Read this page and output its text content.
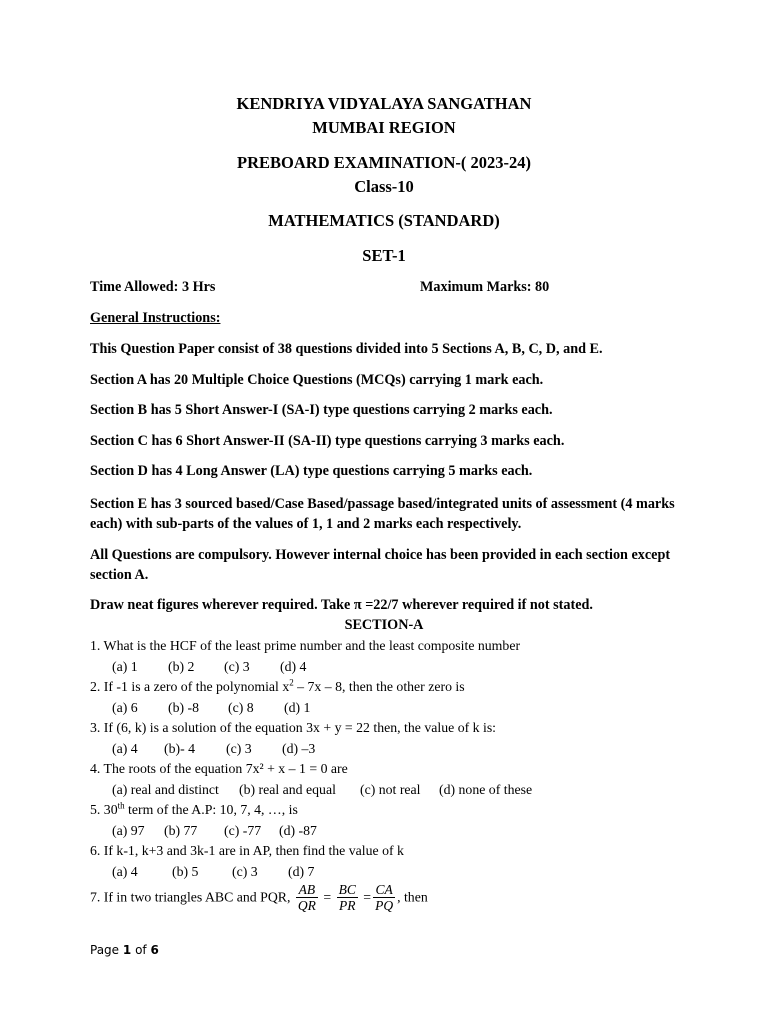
KENDRIYA VIDYALAYA SANGATHAN
MUMBAI REGION
PREBOARD EXAMINATION-( 2023-24)
Class-10
MATHEMATICS (STANDARD)
SET-1
Time Allowed: 3 Hrs	Maximum Marks: 80
General Instructions:
This Question Paper consist of 38 questions divided into 5 Sections A, B, C, D, and E.
Section A has 20 Multiple Choice Questions (MCQs) carrying 1 mark each.
Section B has 5 Short Answer-I (SA-I) type questions carrying 2 marks each.
Section C has 6 Short Answer-II (SA-II) type questions carrying 3 marks each.
Section D has 4 Long Answer (LA) type questions carrying 5 marks each.
Section E has 3 sourced based/Case Based/passage based/integrated units of assessment (4 marks each) with sub-parts of the values of 1, 1 and 2 marks each respectively.
All Questions are compulsory. However internal choice has been provided in each section except section A.
Draw neat figures wherever required. Take π =22/7 wherever required if not stated.
SECTION-A
1. What is the HCF of the least prime number and the least composite number
(a) 1 (b) 2 (c) 3 (d) 4
2. If -1 is a zero of the polynomial $x^2 - 7x - 8$, then the other zero is
(a) 6 (b) -8 (c) 8 (d) 1
3. If (6, k) is a solution of the equation 3x + y = 22 then, the value of k is:
(a) 4 (b)- 4 (c) 3 (d) –3
4. The roots of the equation 7x² + x – 1 = 0 are
(a) real and distinct (b) real and equal (c) not real (d) none of these
5. 30th term of the A.P: 10, 7, 4, …, is
(a) 97 (b) 77 (c) -77 (d) -87
6. If k-1, k+3 and 3k-1 are in AP, then find the value of k
(a) 4 (b) 5 (c) 3 (d) 7
7. If in two triangles ABC and PQR, $\frac{AB}{QR} = \frac{BC}{PR} = \frac{CA}{PQ}$ , then
Page 1 of 6
